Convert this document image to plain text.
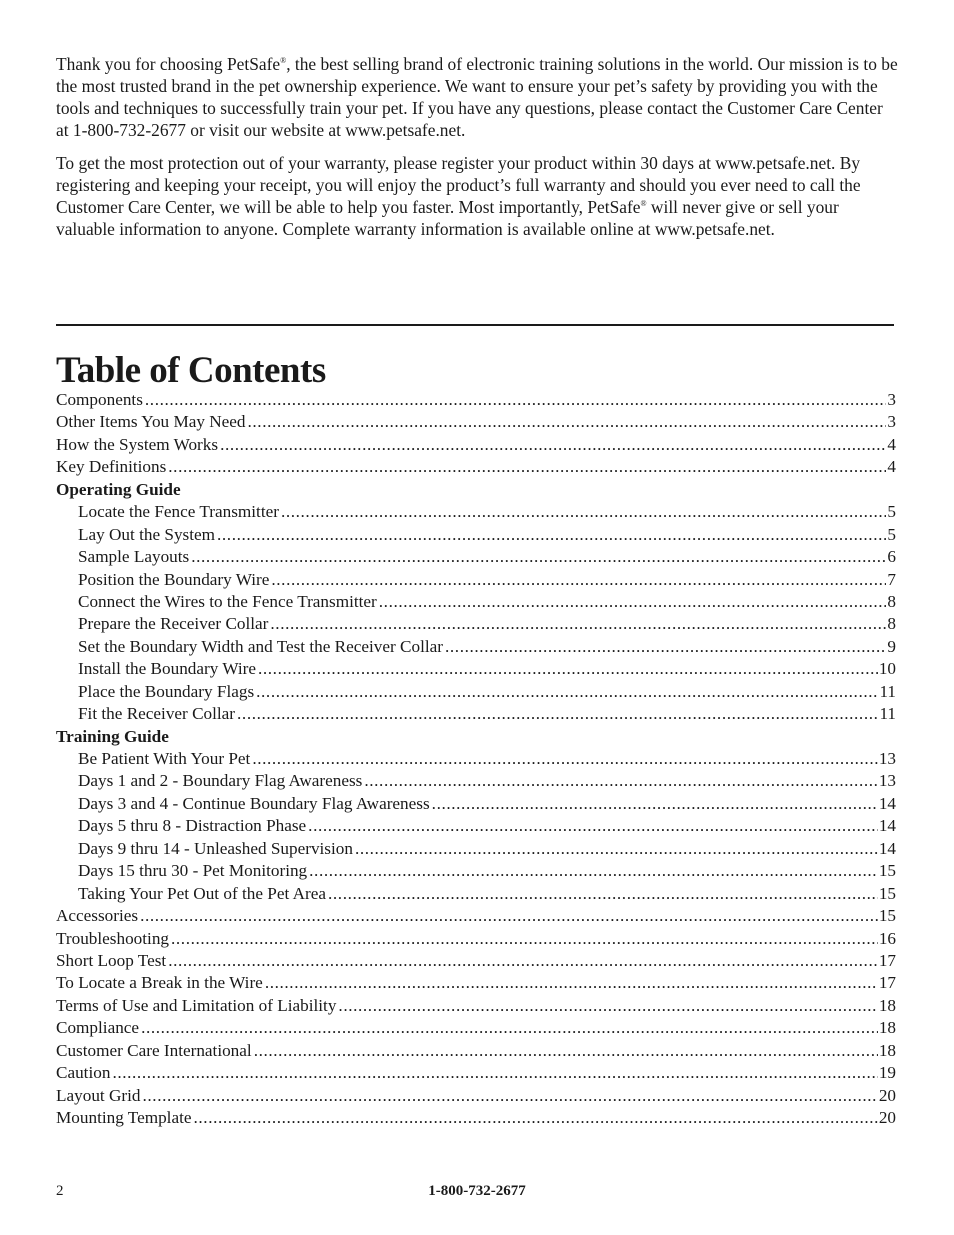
Thank you for choosing PetSafe®, the best selling brand of electronic training solutions in the world. Our mission is to be the most trusted brand in the pet ownership experience. We want to ensure your pet’s safety by providing you with the tools and techniques to successfully train your pet. If you have any questions, please contact the Customer Care Center at 1-800-732-2677 or visit our website at www.petsafe.net.

To get the most protection out of your warranty, please register your product within 30 days at www.petsafe.net. By registering and keeping your receipt, you will enjoy the product’s full warranty and should you ever need to call the Customer Care Center, we will be able to help you faster. Most importantly, PetSafe® will never give or sell your valuable information to anyone. Complete warranty information is available online at www.petsafe.net.

Table of Contents
Components .....	3
Other Items You May Need .....	3
How the System Works .....	4
Key Definitions .....	4
Operating Guide
Locate the Fence Transmitter .....	5
Lay Out the System .....	5
Sample Layouts .....	6
Position the Boundary Wire .....	7
Connect the Wires to the Fence Transmitter .....	8
Prepare the Receiver Collar .....	8
Set the Boundary Width and Test the Receiver Collar .....	9
Install the Boundary Wire .....	10
Place the Boundary Flags .....	11
Fit the Receiver Collar .....	11
Training Guide
Be Patient With Your Pet .....	13
Days 1 and 2 - Boundary Flag Awareness .....	13
Days 3 and 4 - Continue Boundary Flag Awareness .....	14
Days 5 thru 8 - Distraction Phase .....	14
Days 9 thru 14 - Unleashed Supervision .....	14
Days 15 thru 30 - Pet Monitoring .....	15
Taking Your Pet Out of the Pet Area .....	15
Accessories .....	15
Troubleshooting .....	16
Short Loop Test .....	17
To Locate a Break in the Wire .....	17
Terms of Use and Limitation of Liability .....	18
Compliance .....	18
Customer Care International .....	18
Caution .....	19
Layout Grid .....	20
Mounting Template .....	20
2	1-800-732-2677
